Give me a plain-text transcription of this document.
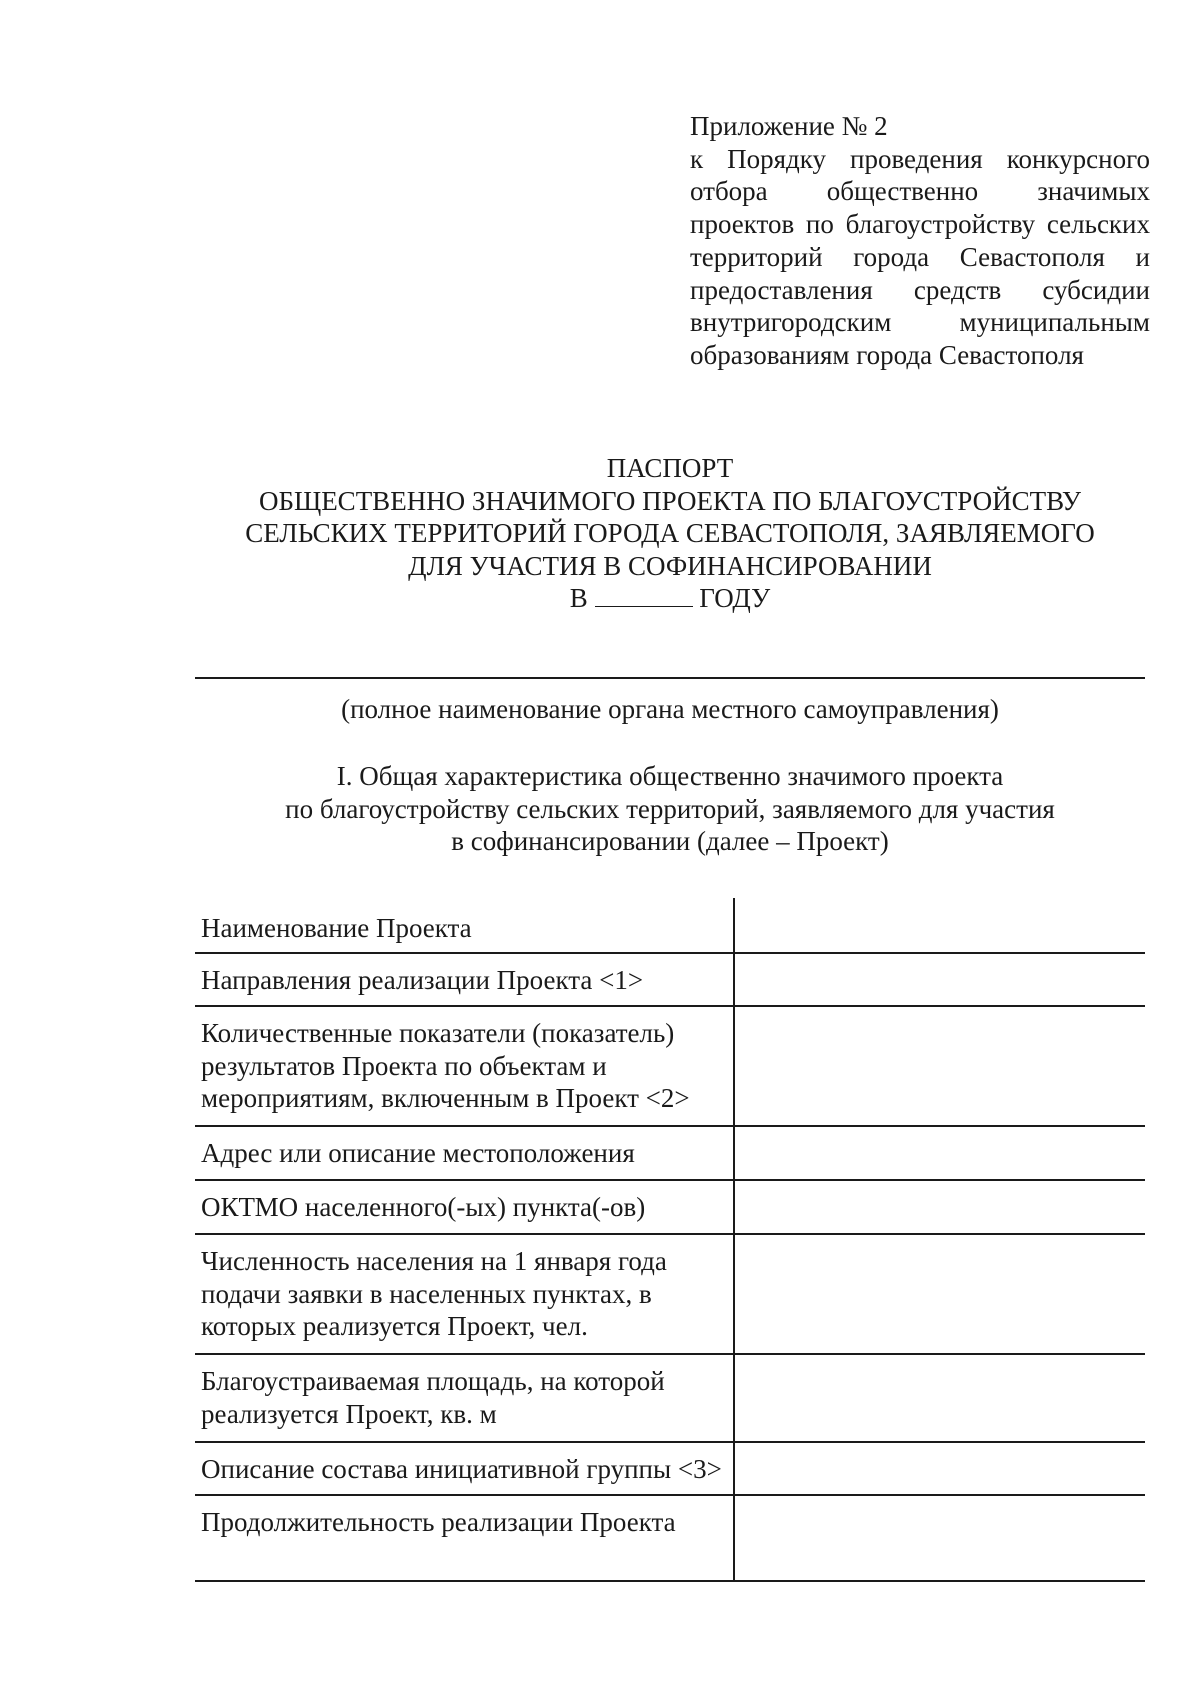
Приложение № 2
к Порядку проведения конкурсного отбора общественно значимых проектов по благоустройству сельских территорий города Севастополя и предоставления средств субсидии внутригородским муниципальным образованиям города Севастополя
ПАСПОРТ
ОБЩЕСТВЕННО ЗНАЧИМОГО ПРОЕКТА ПО БЛАГОУСТРОЙСТВУ
СЕЛЬСКИХ ТЕРРИТОРИЙ ГОРОДА СЕВАСТОПОЛЯ, ЗАЯВЛЯЕМОГО
ДЛЯ УЧАСТИЯ В СОФИНАНСИРОВАНИИ
В	ГОДУ
(полное наименование органа местного самоуправления)
I. Общая характеристика общественно значимого проекта
по благоустройству сельских территорий, заявляемого для участия
в софинансировании (далее – Проект)
Наименование Проекта
Направления реализации Проекта <1>
Количественные показатели (показатель) результатов Проекта по объектам и мероприятиям, включенным в Проект <2>
Адрес или описание местоположения
ОКТМО населенного(-ых) пункта(-ов)
Численность населения на 1 января года подачи заявки в населенных пунктах, в которых реализуется Проект, чел.
Благоустраиваемая площадь, на которой реализуется Проект, кв. м
Описание состава инициативной группы <3>
Продолжительность реализации Проекта
